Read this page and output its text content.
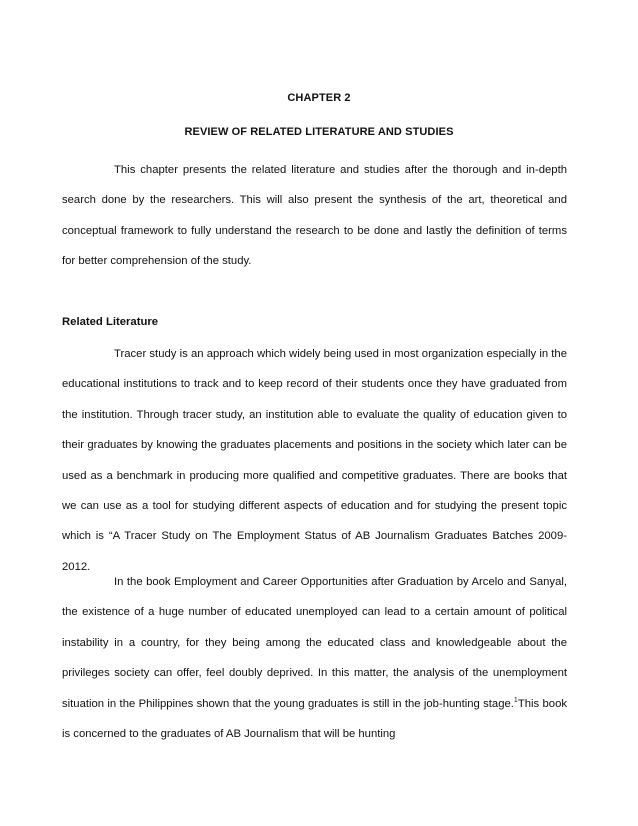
CHAPTER 2
REVIEW OF RELATED LITERATURE AND STUDIES

This chapter presents the related literature and studies after the thorough and in-depth search done by the researchers. This will also present the synthesis of the art, theoretical and conceptual framework to fully understand the research to be done and lastly the definition of terms for better comprehension of the study.

Related Literature

Tracer study is an approach which widely being used in most organization especially in the educational institutions to track and to keep record of their students once they have graduated from the institution. Through tracer study, an institution able to evaluate the quality of education given to their graduates by knowing the graduates placements and positions in the society which later can be used as a benchmark in producing more qualified and competitive graduates. There are books that we can use as a tool for studying different aspects of education and for studying the present topic which is “A Tracer Study on The Employment Status of AB Journalism Graduates Batches 2009-2012.

In the book Employment and Career Opportunities after Graduation by Arcelo and Sanyal, the existence of a huge number of educated unemployed can lead to a certain amount of political instability in a country, for they being among the educated class and knowledgeable about the privileges society can offer, feel doubly deprived. In this matter, the analysis of the unemployment situation in the Philippines shown that the young graduates is still in the job-hunting stage.$^1$This book is concerned to the graduates of AB Journalism that will be hunting
